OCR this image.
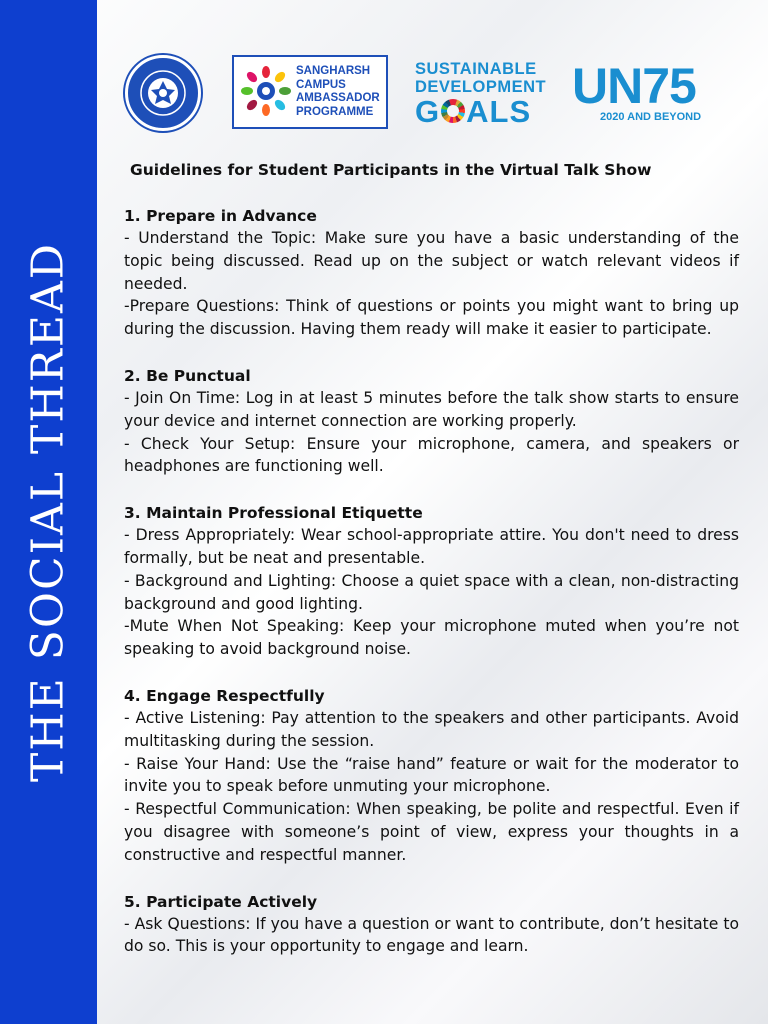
THE SOCIAL THREAD
SANGHARSH
CAMPUS
AMBASSADOR
PROGRAMME
SUSTAINABLE
DEVELOPMENT
G ALS UN75
2020 AND BEYOND
Guidelines for Student Participants in the Virtual Talk Show
1. Prepare in Advance
- Understand the Topic: Make sure you have a basic understanding of the topic being discussed. Read up on the subject or watch relevant videos if needed.
-Prepare Questions: Think of questions or points you might want to bring up during the discussion. Having them ready will make it easier to participate.
2. Be Punctual
- Join On Time: Log in at least 5 minutes before the talk show starts to ensure your device and internet connection are working properly.
- Check Your Setup: Ensure your microphone, camera, and speakers or headphones are functioning well.
3. Maintain Professional Etiquette
- Dress Appropriately: Wear school-appropriate attire. You don't need to dress formally, but be neat and presentable.
- Background and Lighting: Choose a quiet space with a clean, non-distracting background and good lighting.
-Mute When Not Speaking: Keep your microphone muted when you’re not speaking to avoid background noise.
4. Engage Respectfully
- Active Listening: Pay attention to the speakers and other participants. Avoid multitasking during the session.
- Raise Your Hand: Use the “raise hand” feature or wait for the moderator to invite you to speak before unmuting your microphone.
- Respectful Communication: When speaking, be polite and respectful. Even if you disagree with someone’s point of view, express your thoughts in a constructive and respectful manner.
5. Participate Actively
- Ask Questions: If you have a question or want to contribute, don’t hesitate to do so. This is your opportunity to engage and learn.
